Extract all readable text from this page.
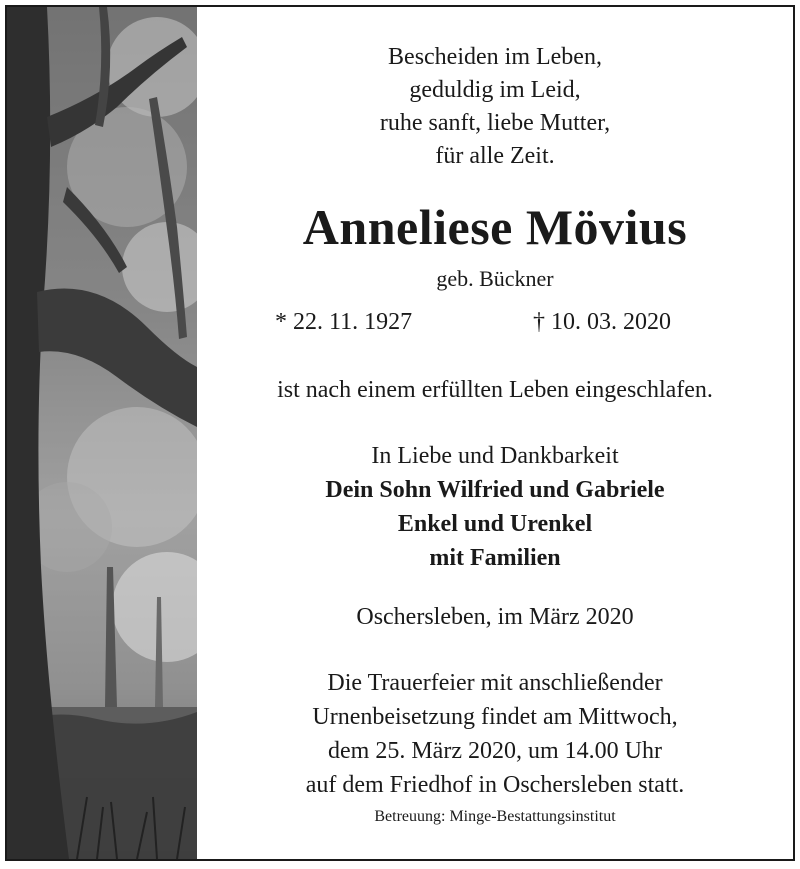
Bescheiden im Leben,
geduldig im Leid,
ruhe sanft, liebe Mutter,
für alle Zeit.
Anneliese Mövius
geb. Bückner
* 22. 11. 1927	† 10. 03. 2020
ist nach einem erfüllten Leben eingeschlafen.
In Liebe und Dankbarkeit
Dein Sohn Wilfried und Gabriele
Enkel und Urenkel
mit Familien
Oschersleben, im März 2020
Die Trauerfeier mit anschließender
Urnenbeisetzung findet am Mittwoch,
dem 25. März 2020, um 14.00 Uhr
auf dem Friedhof in Oschersleben statt.
Betreuung: Minge-Bestattungsinstitut
